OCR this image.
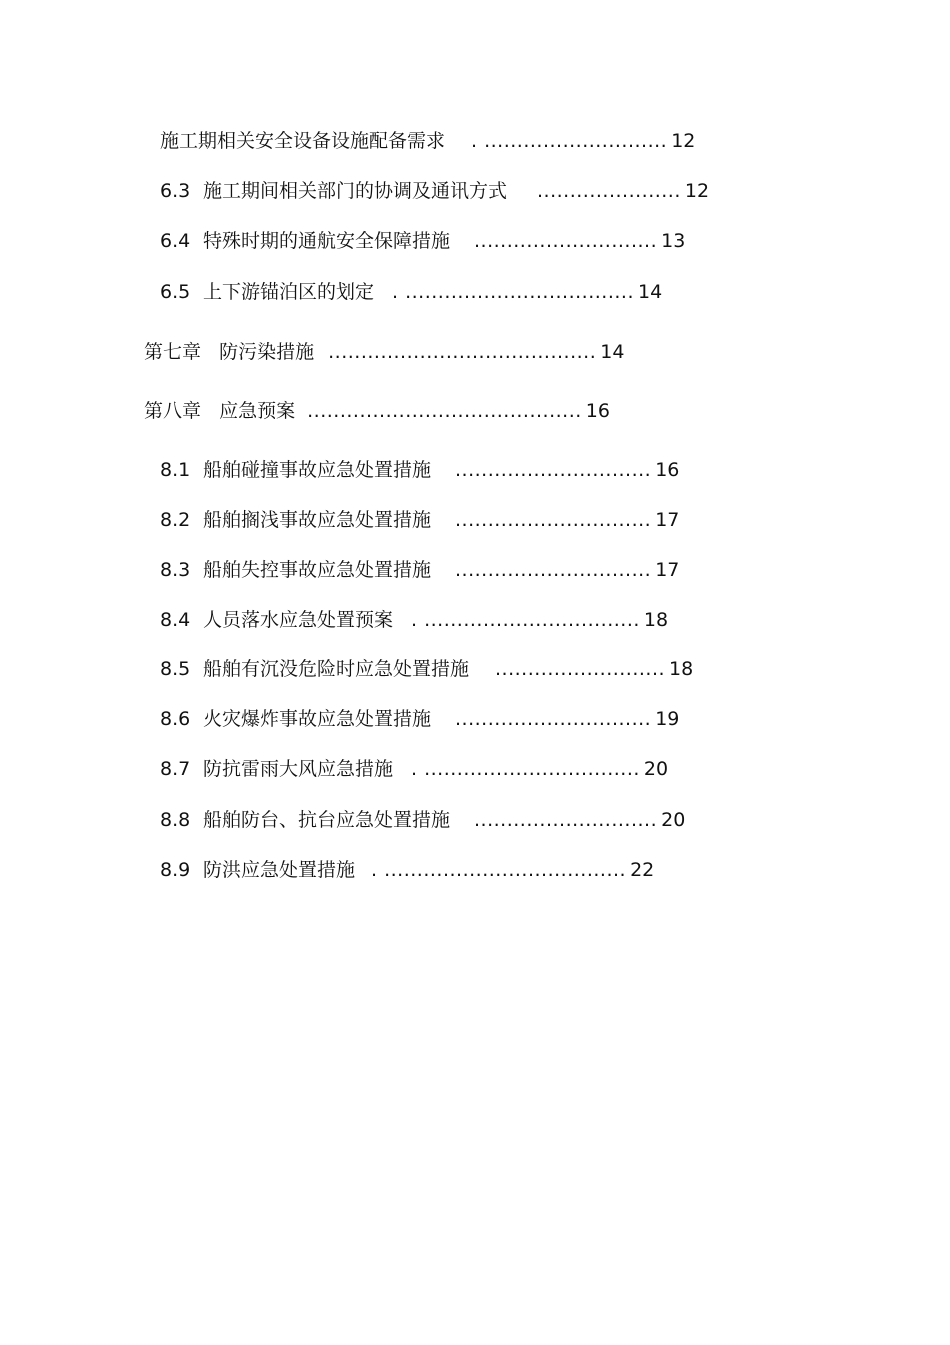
施工期相关安全设备设施配备需求 . ............................ 12
6.3 施工期间相关部门的协调及通讯方式 ...................... 12
6.4 特殊时期的通航安全保障措施 ............................ 13
6.5 上下游锚泊区的划定 . ................................... 14
第七章   防污染措施 ......................................... 14
第八章   应急预案 .......................................... 16
8.1 船舶碰撞事故应急处置措施 .............................. 16
8.2 船舶搁浅事故应急处置措施 .............................. 17
8.3 船舶失控事故应急处置措施 .............................. 17
8.4 人员落水应急处置预案 . ................................. 18
8.5 船舶有沉没危险时应急处置措施 .......................... 18
8.6 火灾爆炸事故应急处置措施 .............................. 19
8.7 防抗雷雨大风应急措施 . ................................. 20
8.8 船舶防台、抗台应急处置措施 ............................ 20
8.9 防洪应急处置措施 . ..................................... 22
